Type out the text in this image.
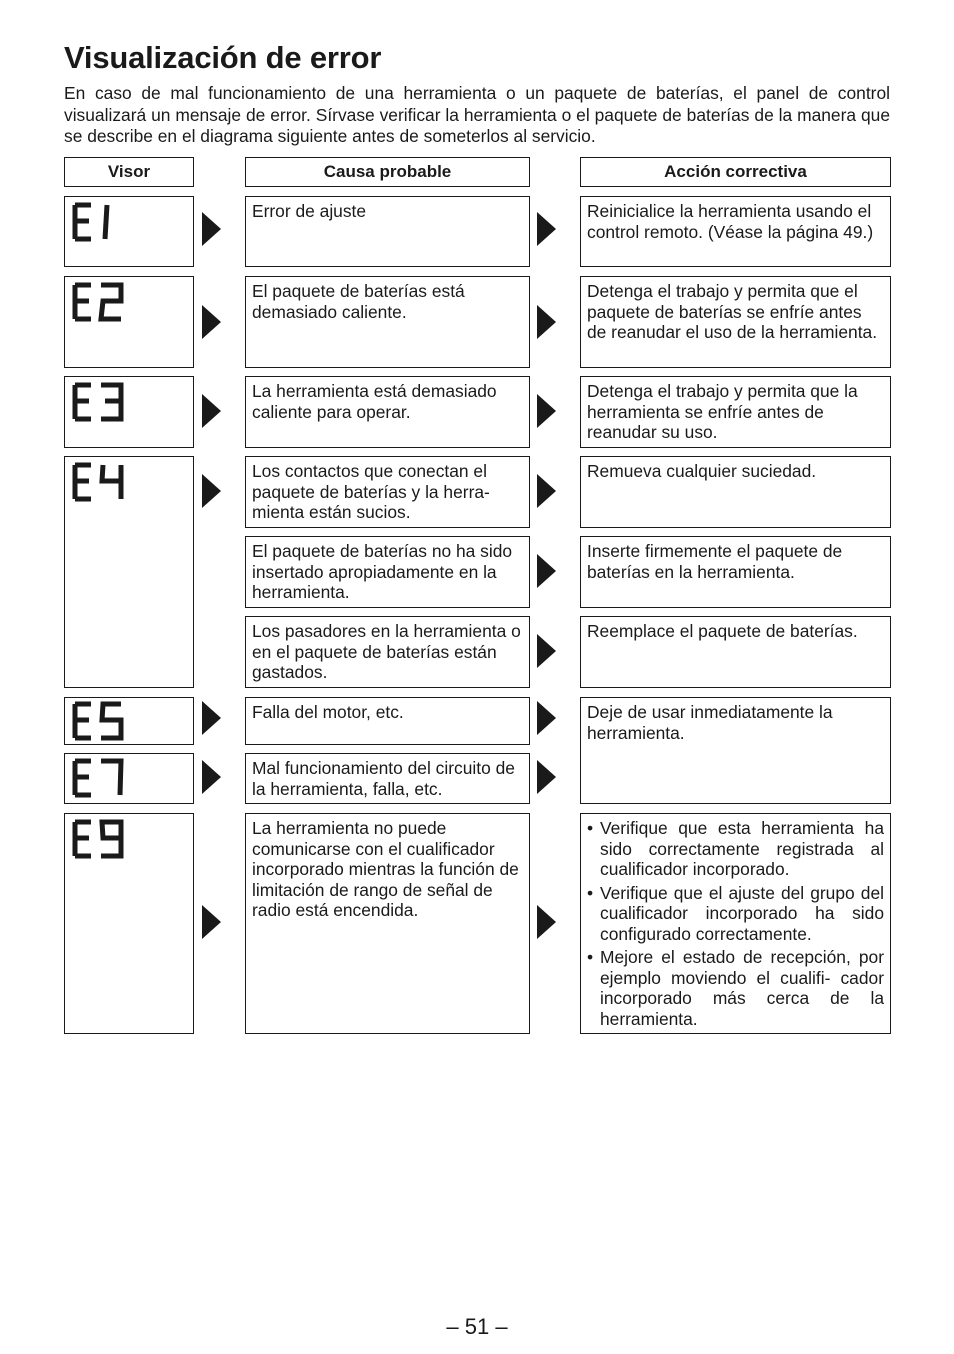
Visualización de error
En caso de mal funcionamiento de una herramienta o un paquete de baterías, el panel de control visualizará un mensaje de error. Sírvase verificar la herramienta o el paquete de baterías de la manera que se describe en el diagrama siguiente antes de someterlos al servicio.
Visor	Causa probable	Acción correctiva
Error de ajuste
El paquete de baterías está demasiado caliente.
La herramienta está demasiado caliente para operar.
Los contactos que conectan el paquete de baterías y la herra- mienta están sucios.
El paquete de baterías no ha sido insertado apropiadamente en la herramienta.
Los pasadores en la herramienta o en el paquete de baterías están gastados.
Falla del motor, etc.
Mal funcionamiento del circuito de la herramienta, falla, etc.
La herramienta no puede comunicarse con el cualificador incorporado mientras la función de limitación de rango de señal de radio está encendida.
Reinicialice la herramienta usando el control remoto. (Véase la página 49.)
Detenga el trabajo y permita que el paquete de baterías se enfríe antes de reanudar el uso de la herramienta.
Detenga el trabajo y permita que la herramienta se enfríe antes de reanudar su uso.
Remueva cualquier suciedad.
Inserte firmemente el paquete de baterías en la herramienta.
Reemplace el paquete de baterías.
Deje de usar inmediatamente la herramienta.
• Verifique que esta herramienta ha sido correctamente registrada al cualificador incorporado.
• Verifique que el ajuste del grupo del cualificador incorporado ha sido configurado correctamente.
• Mejore el estado de recepción, por ejemplo moviendo el cualifi- cador incorporado más cerca de la herramienta.
– 51 –
